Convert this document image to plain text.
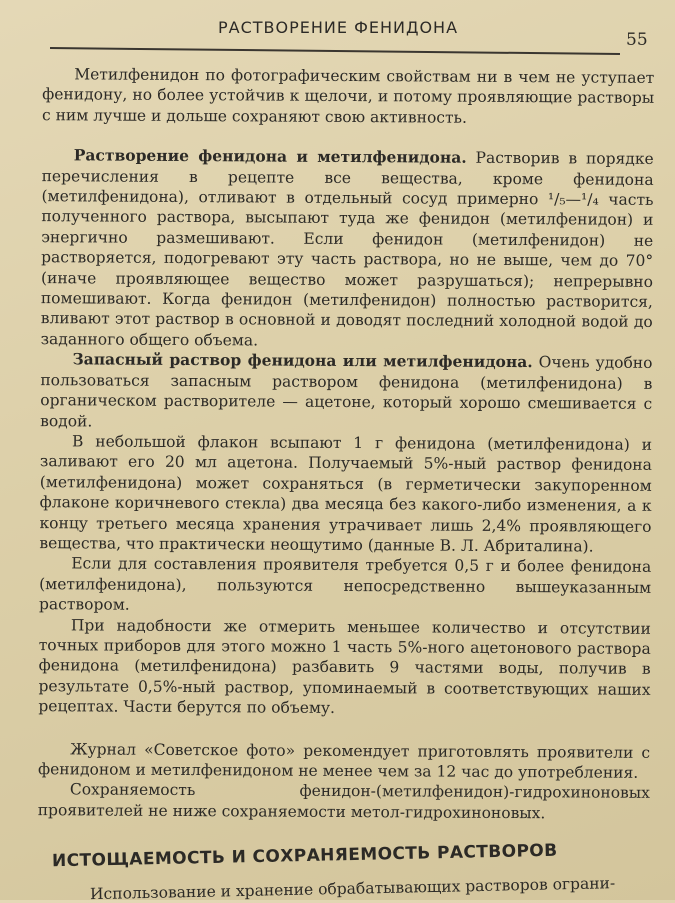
РАСТВОРЕНИЕ ФЕНИДОНА
55

Метилфенидон по фотографическим свойствам ни в чем не уступает фенидону, но более устойчив к щелочи, и потому проявляющие растворы с ним лучше и дольше сохраняют свою активность.

Растворение фенидона и метилфенидона. Растворив в порядке перечисления в рецепте все вещества, кроме фенидона (метилфенидона), отливают в отдельный сосуд примерно ¹/₅—¹/₄ часть полученного раствора, высыпают туда же фенидон (метилфенидон) и энергично размешивают. Если фенидон (метилфенидон) не растворяется, подогревают эту часть раствора, но не выше, чем до 70° (иначе проявляющее вещество может разрушаться); непрерывно помешивают. Когда фенидон (метилфенидон) полностью растворится, вливают этот раствор в основной и доводят последний холодной водой до заданного общего объема.

Запасный раствор фенидона или метилфенидона. Очень удобно пользоваться запасным раствором фенидона (метилфенидона) в органическом растворителе — ацетоне, который хорошо смешивается с водой.

В небольшой флакон всыпают 1 г фенидона (метилфенидона) и заливают его 20 мл ацетона. Получаемый 5%-ный раствор фенидона (метилфенидона) может сохраняться (в герметически закупоренном флаконе коричневого стекла) два месяца без какого-либо изменения, а к концу третьего месяца хранения утрачивает лишь 2,4% проявляющего вещества, что практически неощутимо (данные В. Л. Абриталина).

Если для составления проявителя требуется 0,5 г и более фенидона (метилфенидона), пользуются непосредственно вышеуказанным раствором.

При надобности же отмерить меньшее количество и отсутствии точных приборов для этого можно 1 часть 5%-ного ацетонового раствора фенидона (метилфенидона) разбавить 9 частями воды, получив в результате 0,5%-ный раствор, упоминаемый в соответствующих наших рецептах. Части берутся по объему.

Журнал «Советское фото» рекомендует приготовлять проявители с фенидоном и метилфенидоном не менее чем за 12 час до употребления.

Сохраняемость фенидон-(метилфенидон)-гидрохиноновых проявителей не ниже сохраняемости метол-гидрохиноновых.

ИСТОЩАЕМОСТЬ И СОХРАНЯЕМОСТЬ РАСТВОРОВ
Использование и хранение обрабатывающих растворов ограни-
